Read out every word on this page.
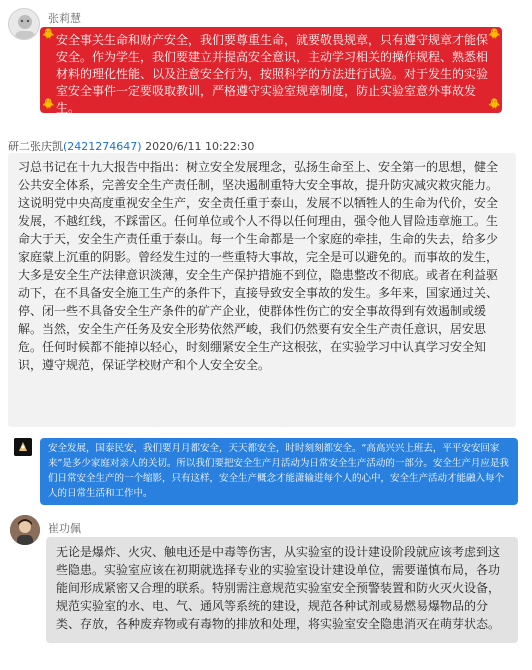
张莉慧
安全事关生命和财产安全，我们要尊重生命，就要敬畏规章，只有遵守规章才能保安全。作为学生，我们要建立并提高安全意识，主动学习相关的操作规程、熟悉相材料的理化性能、以及注意安全行为，按照科学的方法进行试验。对于发生的实验室安全事件一定要吸取教训，严格遵守实验室规章制度，防止实验室意外事故发生。
🐥	🐥
🐥	🐥
研二张庆凯(2421274647) 2020/6/11 10:22:30
习总书记在十九大报告中指出：树立安全发展理念，弘扬生命至上、安全第一的思想，健全公共安全体系，完善安全生产责任制，坚决遏制重特大安全事故，提升防灾减灾救灾能力。这说明党中央高度重视安全生产，安全责任重于泰山，发展不以牺牲人的生命为代价，安全发展，不越红线，不踩雷区。任何单位或个人不得以任何理由，强令他人冒险违章施工。生命大于天，安全生产责任重于泰山。每一个生命都是一个家庭的牵挂，生命的失去，给多少家庭蒙上沉重的阴影。曾经发生过的一些重特大事故，完全是可以避免的。而事故的发生，大多是安全生产法律意识淡薄，安全生产保护措施不到位，隐患整改不彻底。或者在利益驱动下，在不具备安全施工生产的条件下，直接导致安全事故的发生。多年来，国家通过关、停、闭一些不具备安全生产条件的矿产企业，使群体性伤亡的安全事故得到有效遏制或缓解。当然，安全生产任务及安全形势依然严峻，我们仍然要有安全生产责任意识，居安思危。任何时候都不能掉以轻心，时刻绷紧安全生产这根弦，在实验学习中认真学习安全知识，遵守规范，保证学校财产和个人安全安全。
安全发展，国泰民安，我们要月月都安全，天天都安全，时时刻刻都安全。“高高兴兴上班去，平平安安回家来”是多少家庭对亲人的关切。所以我们要把安全生产月活动为日常安全生产活动的一部分。安全生产月应是我们日常安全生产的一个缩影，只有这样，安全生产概念才能潇输进每个人的心中，安全生产活动才能融入每个人的日常生活和工作中。
崔功佩
无论是爆炸、火灾、触电还是中毒等伤害，从实验室的设计建设阶段就应该考虑到这些隐患。实验室应该在初期就选择专业的实验室设计建设单位，需要谨慎布局，各功能间形成紧密又合理的联系。特别需注意规范实验室安全预警装置和防火灭火设备，规范实验室的水、电、气、通风等系统的建设，规范各种试剂或易燃易爆物品的分类、存放，各种废弃物或有毒物的排放和处理，将实验室安全隐患消灭在萌芽状态。
